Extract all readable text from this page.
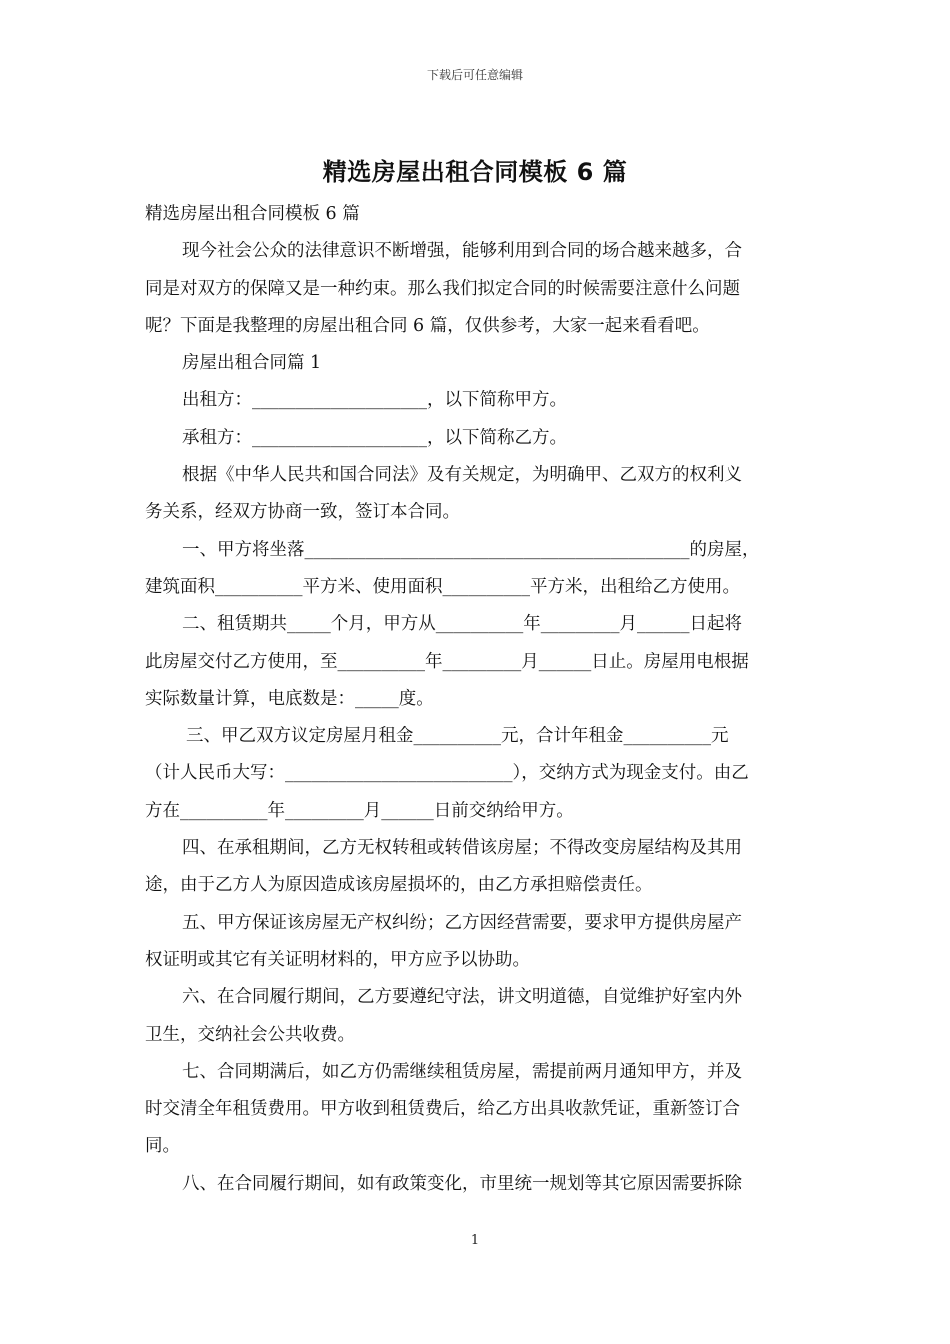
下载后可任意编辑
精选房屋出租合同模板 6 篇

精选房屋出租合同模板 6 篇

现今社会公众的法律意识不断增强，能够利用到合同的场合越来越多，合

同是对双方的保障又是一种约束。那么我们拟定合同的时候需要注意什么问题

呢？下面是我整理的房屋出租合同 6 篇，仅供参考，大家一起来看看吧。

房屋出租合同篇 1

出租方：____________________，以下简称甲方。

承租方：____________________，以下简称乙方。

根据《中华人民共和国合同法》及有关规定，为明确甲、乙双方的权利义

务关系，经双方协商一致，签订本合同。

一、甲方将坐落____________________________________________的房屋，

建筑面积__________平方米、使用面积__________平方米，出租给乙方使用。

二、租赁期共_____个月，甲方从__________年_________月______日起将

此房屋交付乙方使用，至__________年_________月______日止。房屋用电根据

实际数量计算，电底数是：_____度。

三、甲乙双方议定房屋月租金__________元，合计年租金__________元

（计人民币大写：__________________________），交纳方式为现金支付。由乙

方在__________年_________月______日前交纳给甲方。

四、在承租期间，乙方无权转租或转借该房屋；不得改变房屋结构及其用

途，由于乙方人为原因造成该房屋损坏的，由乙方承担赔偿责任。

五、甲方保证该房屋无产权纠纷；乙方因经营需要，要求甲方提供房屋产

权证明或其它有关证明材料的，甲方应予以协助。

六、在合同履行期间，乙方要遵纪守法，讲文明道德，自觉维护好室内外

卫生，交纳社会公共收费。

七、合同期满后，如乙方仍需继续租赁房屋，需提前两月通知甲方，并及

时交清全年租赁费用。甲方收到租赁费后，给乙方出具收款凭证，重新签订合

同。

八、在合同履行期间，如有政策变化，市里统一规划等其它原因需要拆除

1
